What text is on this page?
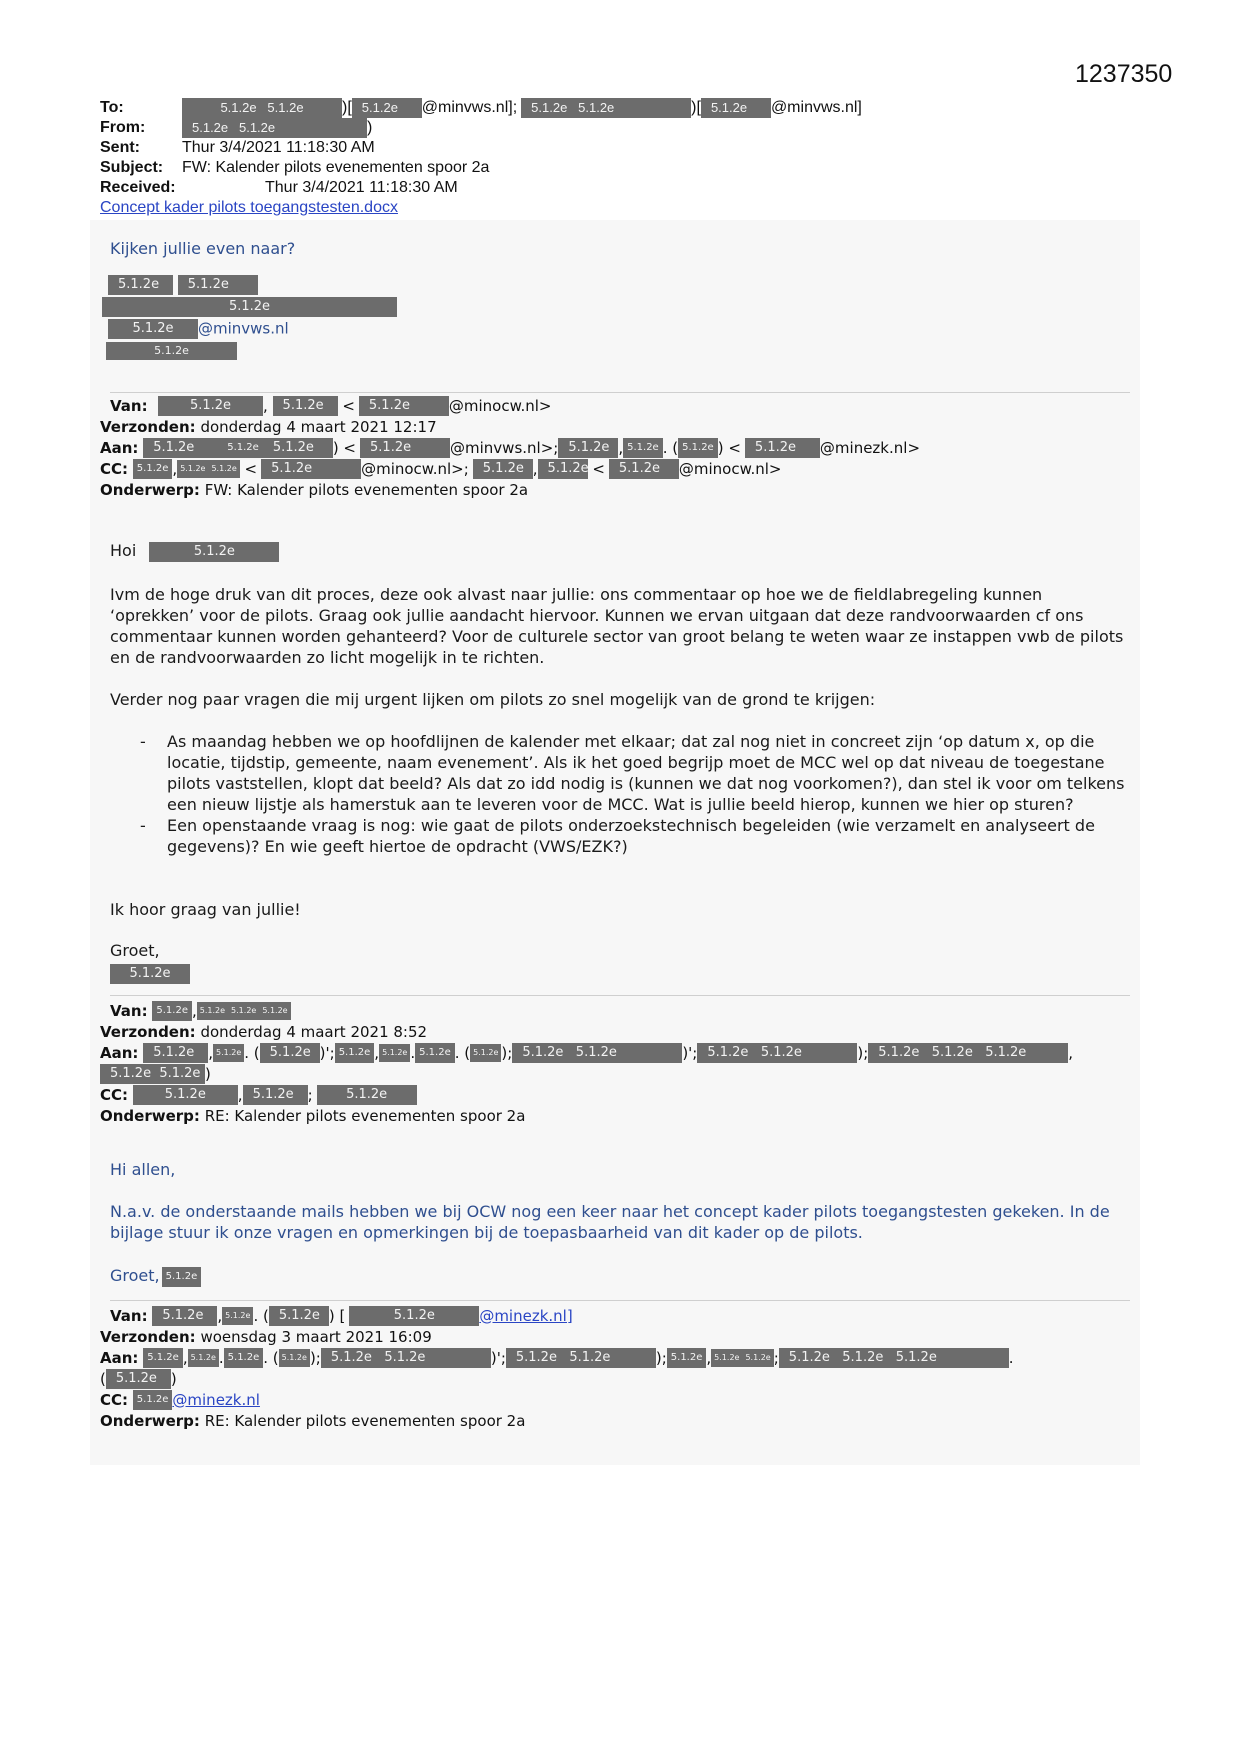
1237350
To:	5.1.2e   5.1.2e	)[ 5.1.2e	@minvws.nl];	5.1.2e   5.1.2e	)[ 5.1.2e	@minvws.nl]
From:	5.1.2e   5.1.2e	)
Sent:	Thur 3/4/2021 11:18:30 AM
Subject:	FW: Kalender pilots evenementen spoor 2a
Received:	Thur 3/4/2021 11:18:30 AM
Concept kader pilots toegangstesten.docx
Kijken jullie even naar?
5.1.2e 5.1.2e
5.1.2e
5.1.2e @minvws.nl
5.1.2e
Van:	5.1.2e	, 5.1.2e <	5.1.2e	@minocw.nl>
Verzonden:
donderdag 4 maart 2021 12:17
Aan:
	5.1.2e	5.1.2e	5.1.2e	) <	5.1.2e	@minvws.nl>; 5.1.2e , 5.1.2e . ( 5.1.2e ) <	5.1.2e	@minezk.nl>
CC:
5.1.2e , 5.1.2e 5.1.2e <	5.1.2e	@minocw.nl>;	5.1.2e , 5.1.2e
<	5.1.2e	@minocw.nl>
Onderwerp:
FW: Kalender pilots evenementen spoor 2a
Hoi	5.1.2e
Ivm de hoge druk van dit proces, deze ook alvast naar jullie: ons commentaar op hoe we de fieldlabregeling kunnen ‘oprekken’ voor de pilots. Graag ook jullie aandacht hiervoor. Kunnen we ervan uitgaan dat deze randvoorwaarden cf ons commentaar kunnen worden gehanteerd? Voor de culturele sector van groot belang te weten waar ze instappen vwb de pilots en de randvoorwaarden zo licht mogelijk in te richten.
Verder nog paar vragen die mij urgent lijken om pilots zo snel mogelijk van de grond te krijgen:
- As maandag hebben we op hoofdlijnen de kalender met elkaar; dat zal nog niet in concreet zijn ‘op datum x, op die locatie, tijdstip, gemeente, naam evenement’. Als ik het goed begrijp moet de MCC wel op dat niveau de toegestane pilots vaststellen, klopt dat beeld? Als dat zo idd nodig is (kunnen we dat nog voorkomen?), dan stel ik voor om telkens een nieuw lijstje als hamerstuk aan te leveren voor de MCC. Wat is jullie beeld hierop, kunnen we hier op sturen?
- Een openstaande vraag is nog: wie gaat de pilots onderzoekstechnisch begeleiden (wie verzamelt en analyseert de gegevens)? En wie geeft hiertoe de opdracht (VWS/EZK?)
Ik hoor graag van jullie!
Groet,
5.1.2e
Van:
5.1.2e , 5.1.2e 5.1.2e 5.1.2e
Verzonden:
donderdag 4 maart 2021 8:52
Aan:
	5.1.2e , 5.1.2e . ( 5.1.2e )'; 5.1.2e , 5.1.2e . 5.1.2e . ( 5.1.2e ); 5.1.2e   5.1.2e	)'; 5.1.2e   5.1.2e	); 5.1.2e   5.1.2e   5.1.2e	,
5.1.2e  5.1.2e )
CC:
	5.1.2e	, 5.1.2e ;	5.1.2e
Onderwerp:
RE: Kalender pilots evenementen spoor 2a
Hi allen,
N.a.v. de onderstaande mails hebben we bij OCW nog een keer naar het concept kader pilots toegangstesten gekeken. In de bijlage stuur ik onze vragen en opmerkingen bij de toepasbaarheid van dit kader op de pilots.
Groet, 5.1.2e
Van:
	5.1.2e , 5.1.2e . ( 5.1.2e ) [	5.1.2e	@minezk.nl]
Verzonden:
woensdag 3 maart 2021 16:09
Aan:
5.1.2e , 5.1.2e . 5.1.2e . ( 5.1.2e ); 5.1.2e   5.1.2e	)'; 5.1.2e   5.1.2e	); 5.1.2e , 5.1.2e 5.1.2e ; 5.1.2e   5.1.2e   5.1.2e	.
( 5.1.2e )
CC:
5.1.2e @minezk.nl
Onderwerp:
RE: Kalender pilots evenementen spoor 2a
